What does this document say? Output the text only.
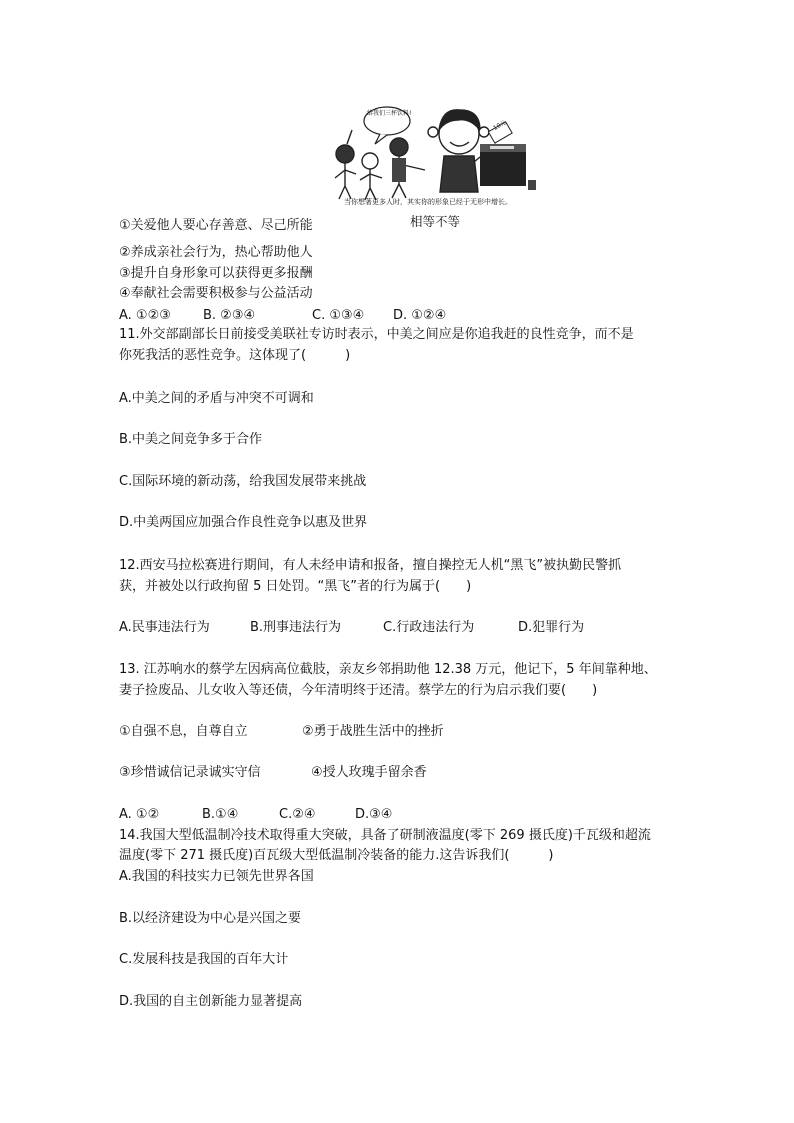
给我们三杯饮料!
10元
当你想著更多人时，其实你的形象已经于无形中增长。
相等不等
①关爱他人要心存善意、尽己所能
②养成亲社会行为，热心帮助他人
③提升自身形象可以获得更多报酬
④奉献社会需要积极参与公益活动
A. ①②③ B. ②③④	C. ①③④ D. ①②④
11.外交部副部长日前接受美联社专访时表示，中美之间应是你追我赶的良性竞争，而不是
你死我活的恶性竞争。这体现了(　　　)
A.中美之间的矛盾与冲突不可调和
B.中美之间竞争多于合作
C.国际环境的新动荡，给我国发展带来挑战
D.中美两国应加强合作良性竞争以惠及世界
12.西安马拉松赛进行期间，有人未经申请和报备，擅自操控无人机“黑飞”被执勤民警抓
获，并被处以行政拘留 5 日处罚。“黑飞”者的行为属于(　　)
A.民事违法行为	B.刑事违法行为	C.行政违法行为	D.犯罪行为
13. 江苏响水的蔡学左因病高位截肢，亲友乡邻捐助他 12.38 万元，他记下，5 年间靠种地、
妻子捡废品、儿女收入等还债，今年清明终于还清。蔡学左的行为启示我们要(　　)
①自强不息，自尊自立	②勇于战胜生活中的挫折
③珍惜诚信记录诚实守信	④授人玫瑰手留余香
A. ①②	B.①④	C.②④	D.③④
14.我国大型低温制冷技术取得重大突破，具备了研制液温度(零下 269 摄氏度)千瓦级和超流
温度(零下 271 摄氏度)百瓦级大型低温制冷装备的能力.这告诉我们(　　　)
A.我国的科技实力已领先世界各国
B.以经济建设为中心是兴国之要
C.发展科技是我国的百年大计
D.我国的自主创新能力显著提高
